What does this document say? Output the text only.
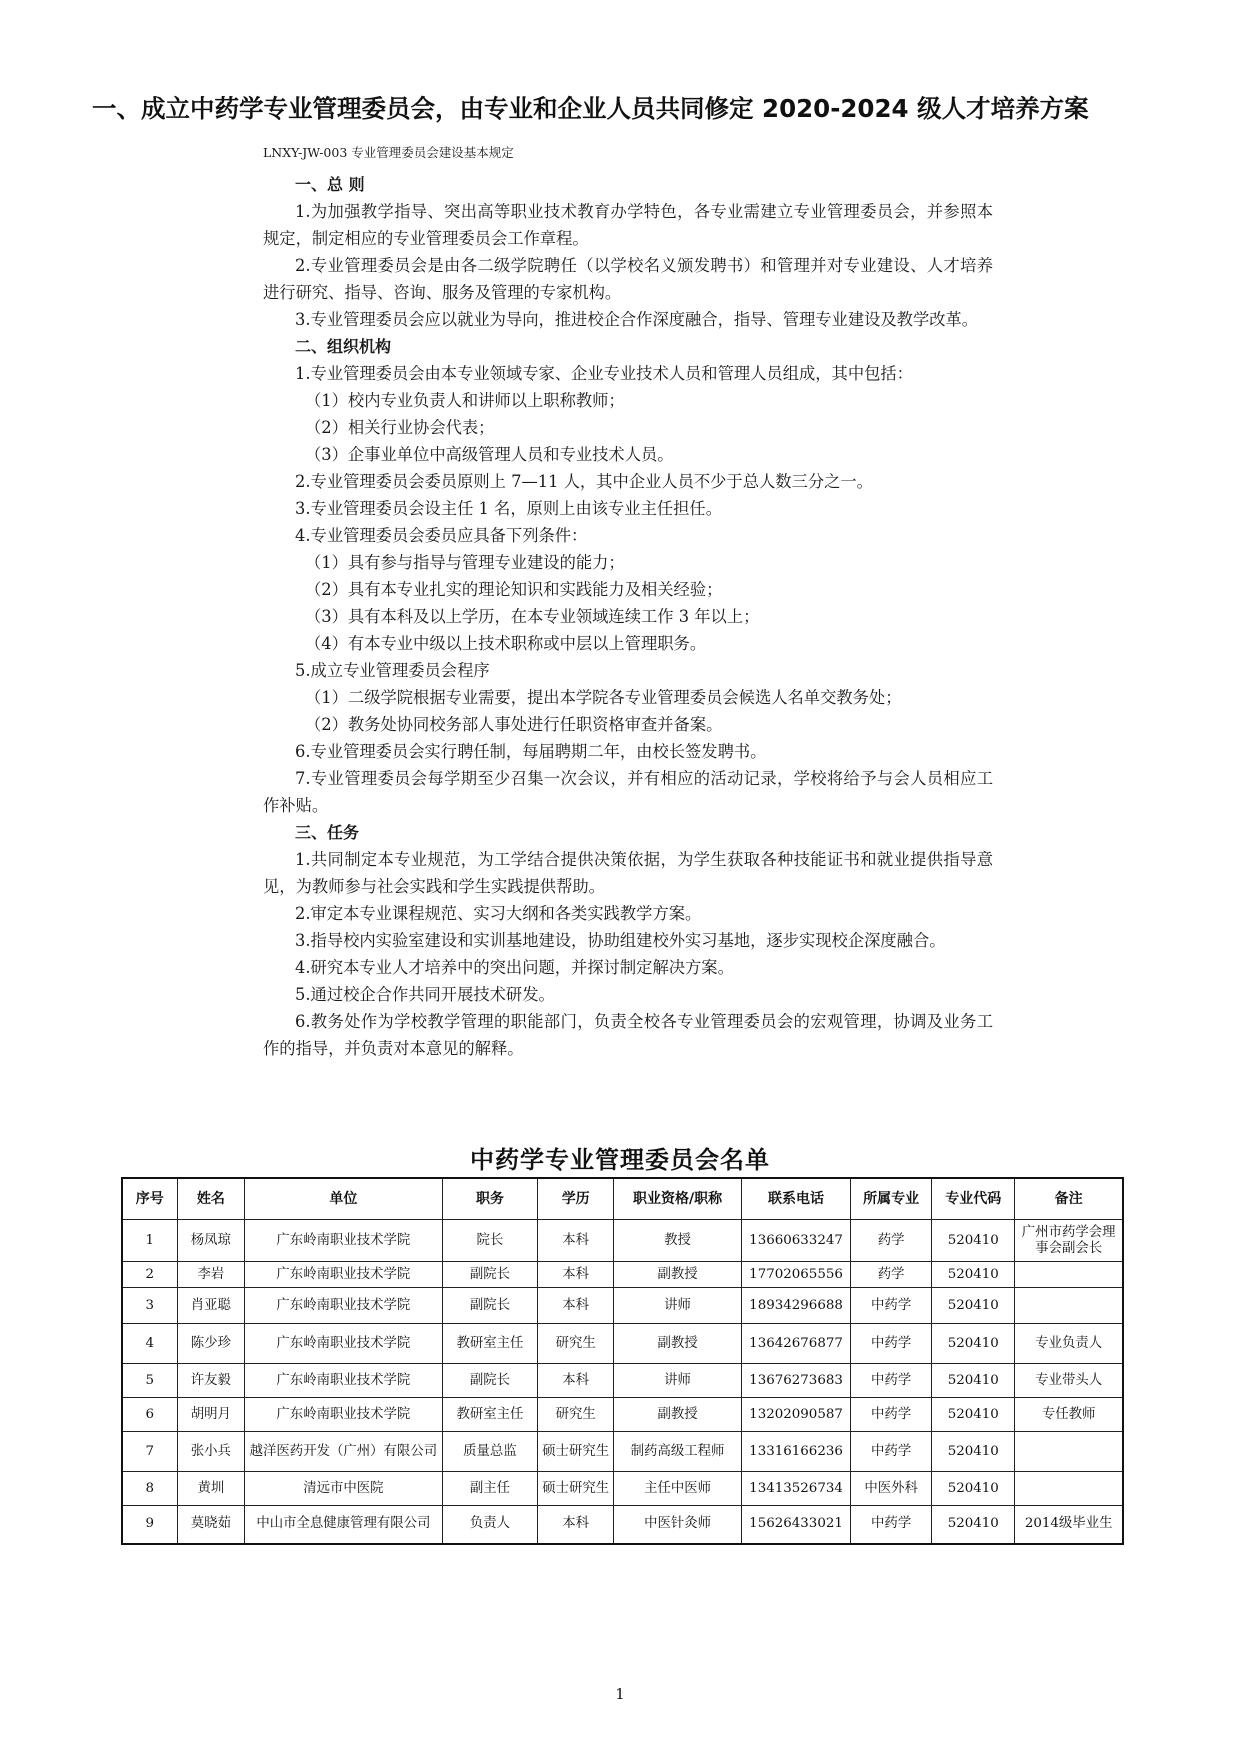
一、成立中药学专业管理委员会，由专业和企业人员共同修定 2020-2024 级人才培养方案
LNXY-JW-003 专业管理委员会建设基本规定
一、总 则

1.为加强教学指导、突出高等职业技术教育办学特色，各专业需建立专业管理委员会，并参照本规定，制定相应的专业管理委员会工作章程。

2.专业管理委员会是由各二级学院聘任（以学校名义颁发聘书）和管理并对专业建设、人才培养进行研究、指导、咨询、服务及管理的专家机构。

3.专业管理委员会应以就业为导向，推进校企合作深度融合，指导、管理专业建设及教学改革。

二、组织机构

1.专业管理委员会由本专业领域专家、企业专业技术人员和管理人员组成，其中包括：

（1）校内专业负责人和讲师以上职称教师；

（2）相关行业协会代表；

（3）企事业单位中高级管理人员和专业技术人员。

2.专业管理委员会委员原则上 7—11 人，其中企业人员不少于总人数三分之一。

3.专业管理委员会设主任 1 名，原则上由该专业主任担任。

4.专业管理委员会委员应具备下列条件：

（1）具有参与指导与管理专业建设的能力；

（2）具有本专业扎实的理论知识和实践能力及相关经验；

（3）具有本科及以上学历，在本专业领域连续工作 3 年以上；

（4）有本专业中级以上技术职称或中层以上管理职务。

5.成立专业管理委员会程序

（1）二级学院根据专业需要，提出本学院各专业管理委员会候选人名单交教务处；

（2）教务处协同校务部人事处进行任职资格审查并备案。

6.专业管理委员会实行聘任制，每届聘期二年，由校长签发聘书。

7.专业管理委员会每学期至少召集一次会议，并有相应的活动记录，学校将给予与会人员相应工作补贴。

三、任务

1.共同制定本专业规范，为工学结合提供决策依据，为学生获取各种技能证书和就业提供指导意见，为教师参与社会实践和学生实践提供帮助。

2.审定本专业课程规范、实习大纲和各类实践教学方案。

3.指导校内实验室建设和实训基地建设，协助组建校外实习基地，逐步实现校企深度融合。

4.研究本专业人才培养中的突出问题，并探讨制定解决方案。

5.通过校企合作共同开展技术研发。

6.教务处作为学校教学管理的职能部门，负责全校各专业管理委员会的宏观管理，协调及业务工作的指导，并负责对本意见的解释。

中药学专业管理委员会名单
序号	姓名	单位	职务	学历	职业资格/职称	联系电话	所属专业	专业代码	备注
1	杨凤琼	广东岭南职业技术学院	院长	本科	教授	13660633247	药学	520410	广州市药学会理事会副会长
2	李岩	广东岭南职业技术学院	副院长	本科	副教授	17702065556	药学	520410	
3	肖亚聪	广东岭南职业技术学院	副院长	本科	讲师	18934296688	中药学	520410	
4	陈少珍	广东岭南职业技术学院	教研室主任	研究生	副教授	13642676877	中药学	520410	专业负责人
5	许友毅	广东岭南职业技术学院	副院长	本科	讲师	13676273683	中药学	520410	专业带头人
6	胡明月	广东岭南职业技术学院	教研室主任	研究生	副教授	13202090587	中药学	520410	专任教师
7	张小兵	越洋医药开发（广州）有限公司	质量总监	硕士研究生	制药高级工程师	13316166236	中药学	520410	
8	黄圳	清远市中医院	副主任	硕士研究生	主任中医师	13413526734	中医外科	520410	
9	莫晓茹	中山市全息健康管理有限公司	负责人	本科	中医针灸师	15626433021	中药学	520410	2014级毕业生
1
